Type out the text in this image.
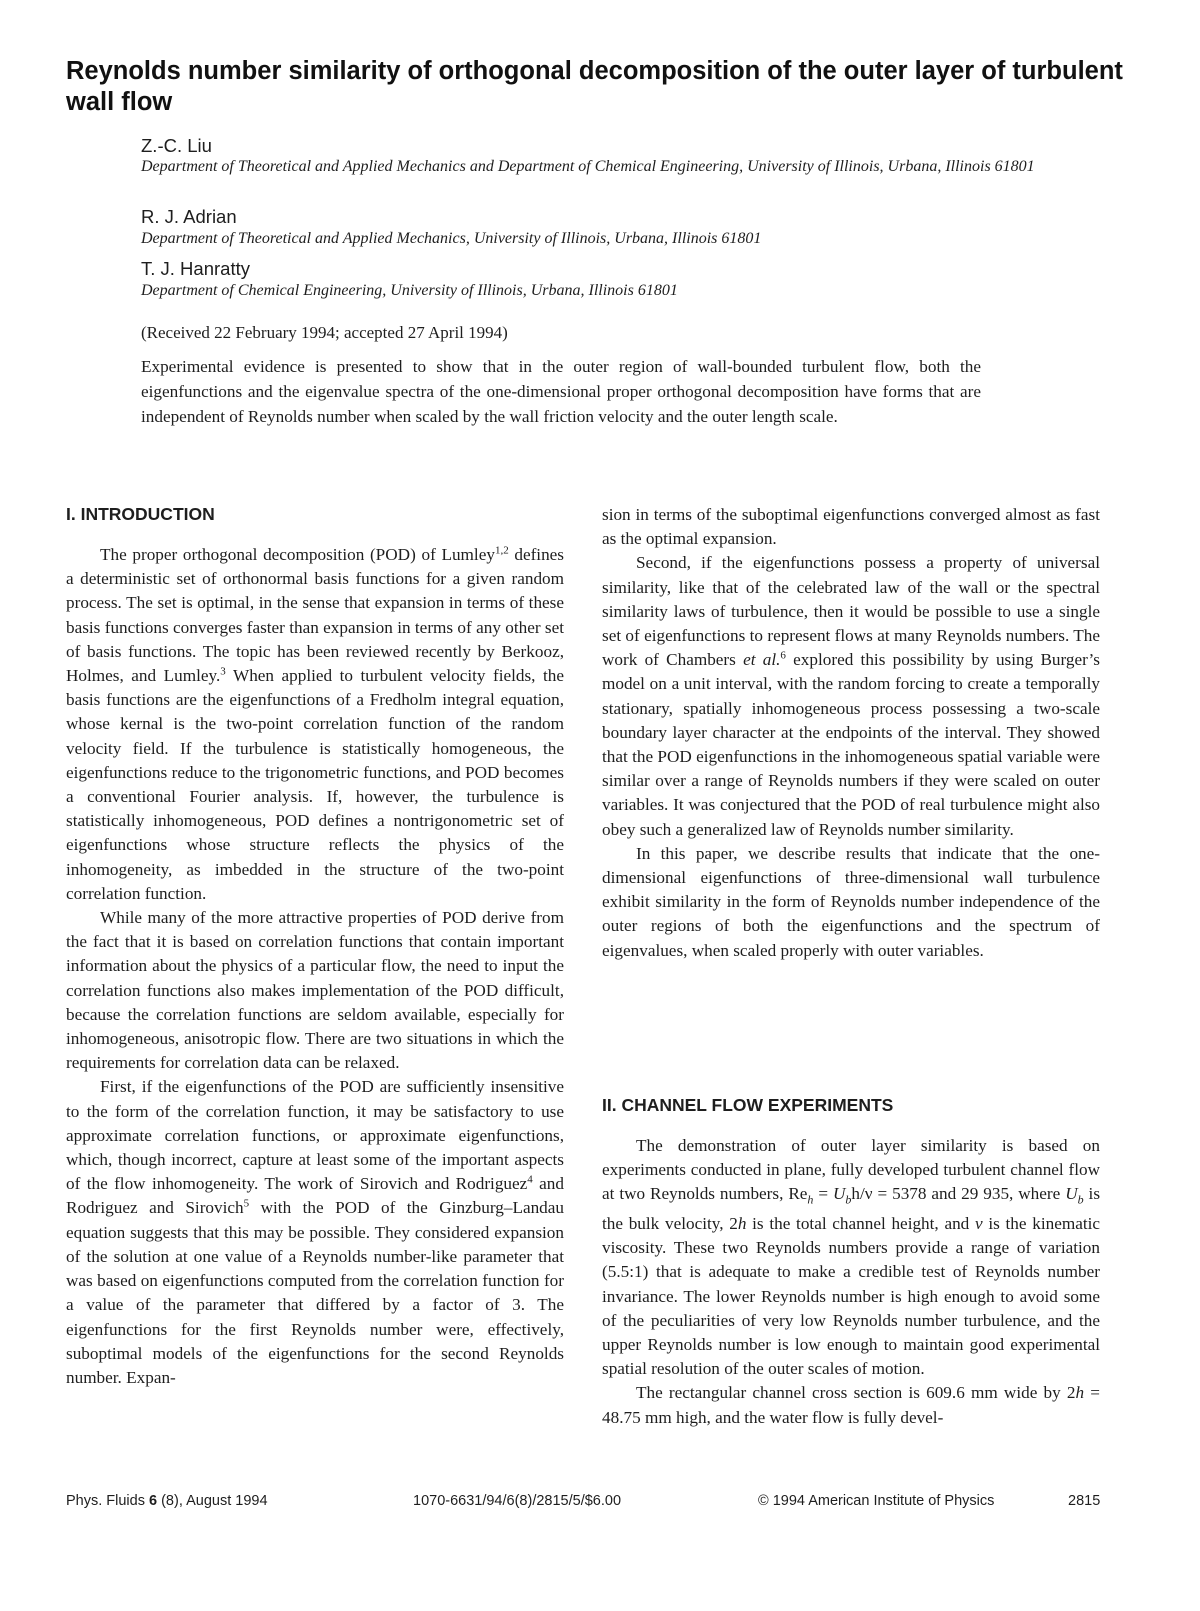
Reynolds number similarity of orthogonal decomposition of the outer layer of turbulent wall flow

Z.-C. Liu

Department of Theoretical and Applied Mechanics and Department of Chemical Engineering, University of Illinois, Urbana, Illinois 61801

R. J. Adrian

Department of Theoretical and Applied Mechanics, University of Illinois, Urbana, Illinois 61801

T. J. Hanratty

Department of Chemical Engineering, University of Illinois, Urbana, Illinois 61801

(Received 22 February 1994; accepted 27 April 1994)

Experimental evidence is presented to show that in the outer region of wall-bounded turbulent flow, both the eigenfunctions and the eigenvalue spectra of the one-dimensional proper orthogonal decomposition have forms that are independent of Reynolds number when scaled by the wall friction velocity and the outer length scale.

I. INTRODUCTION

The proper orthogonal decomposition (POD) of Lumley$^{1,2}$ defines a deterministic set of orthonormal basis functions for a given random process. The set is optimal, in the sense that expansion in terms of these basis functions converges faster than expansion in terms of any other set of basis functions. The topic has been reviewed recently by Berkooz, Holmes, and Lumley.$^3$ When applied to turbulent velocity fields, the basis functions are the eigenfunctions of a Fredholm integral equation, whose kernal is the two-point correlation function of the random velocity field. If the turbulence is statistically homogeneous, the eigenfunctions reduce to the trigonometric functions, and POD becomes a conventional Fourier analysis. If, however, the turbulence is statistically inhomogeneous, POD defines a nontrigonometric set of eigenfunctions whose structure reflects the physics of the inhomogeneity, as imbedded in the structure of the two-point correlation function.

While many of the more attractive properties of POD derive from the fact that it is based on correlation functions that contain important information about the physics of a particular flow, the need to input the correlation functions also makes implementation of the POD difficult, because the correlation functions are seldom available, especially for inhomogeneous, anisotropic flow. There are two situations in which the requirements for correlation data can be relaxed.

First, if the eigenfunctions of the POD are sufficiently insensitive to the form of the correlation function, it may be satisfactory to use approximate correlation functions, or approximate eigenfunctions, which, though incorrect, capture at least some of the important aspects of the flow inhomogeneity. The work of Sirovich and Rodriguez$^4$ and Rodriguez and Sirovich$^5$ with the POD of the Ginzburg–Landau equation suggests that this may be possible. They considered expansion of the solution at one value of a Reynolds number-like parameter that was based on eigenfunctions computed from the correlation function for a value of the parameter that differed by a factor of 3. The eigenfunctions for the first Reynolds number were, effectively, suboptimal models of the eigenfunctions for the second Reynolds number. Expan-

sion in terms of the suboptimal eigenfunctions converged almost as fast as the optimal expansion.

Second, if the eigenfunctions possess a property of universal similarity, like that of the celebrated law of the wall or the spectral similarity laws of turbulence, then it would be possible to use a single set of eigenfunctions to represent flows at many Reynolds numbers. The work of Chambers et al.$^6$ explored this possibility by using Burger’s model on a unit interval, with the random forcing to create a temporally stationary, spatially inhomogeneous process possessing a two-scale boundary layer character at the endpoints of the interval. They showed that the POD eigenfunctions in the inhomogeneous spatial variable were similar over a range of Reynolds numbers if they were scaled on outer variables. It was conjectured that the POD of real turbulence might also obey such a generalized law of Reynolds number similarity.

In this paper, we describe results that indicate that the one-dimensional eigenfunctions of three-dimensional wall turbulence exhibit similarity in the form of Reynolds number independence of the outer regions of both the eigenfunctions and the spectrum of eigenvalues, when scaled properly with outer variables.

II. CHANNEL FLOW EXPERIMENTS

The demonstration of outer layer similarity is based on experiments conducted in plane, fully developed turbulent channel flow at two Reynolds numbers, $Re_h = U_bh/\nu = 5378$ and 29 935, where $U_b$ is the bulk velocity, 2h is the total channel height, and ν is the kinematic viscosity. These two Reynolds numbers provide a range of variation (5.5:1) that is adequate to make a credible test of Reynolds number invariance. The lower Reynolds number is high enough to avoid some of the peculiarities of very low Reynolds number turbulence, and the upper Reynolds number is low enough to maintain good experimental spatial resolution of the outer scales of motion.

The rectangular channel cross section is 609.6 mm wide by 2h = 48.75 mm high, and the water flow is fully devel-

Phys. Fluids 6 (8), August 1994	1070-6631/94/6(8)/2815/5/$6.00	© 1994 American Institute of Physics	2815
